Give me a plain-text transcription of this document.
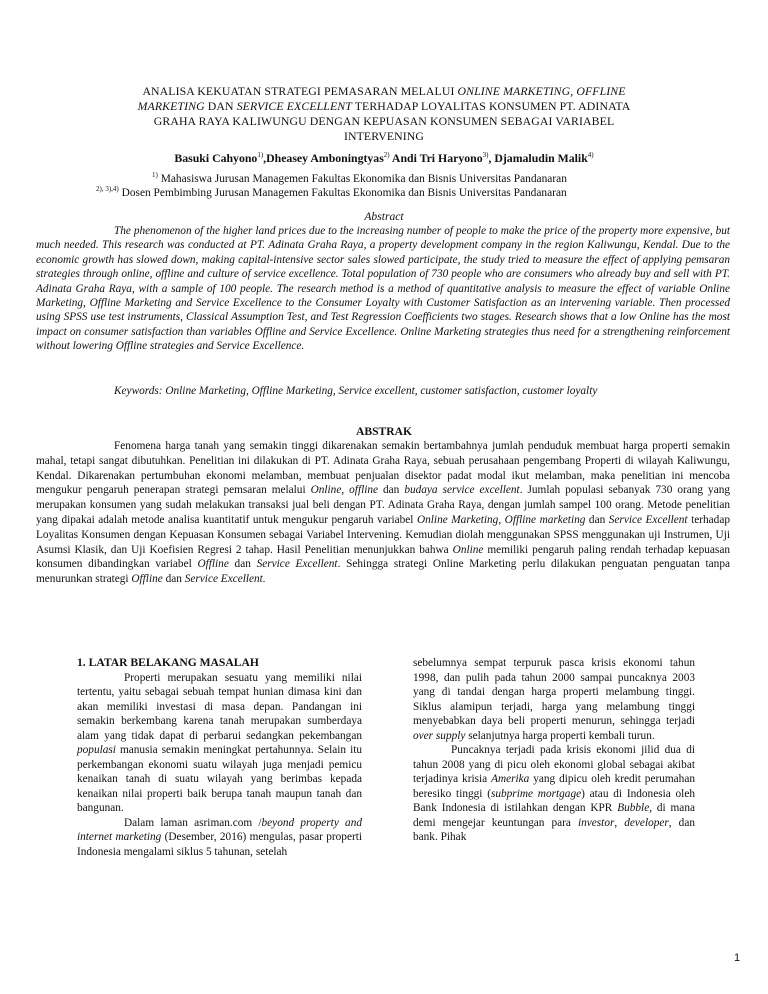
ANALISA KEKUATAN STRATEGI PEMASARAN MELALUI ONLINE MARKETING, OFFLINE
MARKETING DAN SERVICE EXCELLENT TERHADAP LOYALITAS KONSUMEN PT. ADINATA
GRAHA RAYA KALIWUNGU DENGAN KEPUASAN KONSUMEN SEBAGAI VARIABEL
INTERVENING
Basuki Cahyono$^{1)}$,Dheasey Amboningtyas$^{2)}$ Andi Tri Haryono$^{3)}$, Djamaludin Malik$^{4)}$
$^{1)}$ Mahasiswa Jurusan Managemen Fakultas Ekonomika dan Bisnis Universitas Pandanaran
$^{2), 3),4)}$ Dosen Pembimbing Jurusan Managemen Fakultas Ekonomika dan Bisnis Universitas Pandanaran
Abstract

The phenomenon of the higher land prices due to the increasing number of people to make the price of the property more expensive, but much needed. This research was conducted at PT. Adinata Graha Raya, a property development company in the region Kaliwungu, Kendal. Due to the economic growth has slowed down, making capital-intensive sector sales slowed participate, the study tried to measure the effect of applying pemsaran strategies through online, offline and culture of service excellence. Total population of 730 people who are consumers who already buy and sell with PT. Adinata Graha Raya, with a sample of 100 people. The research method is a method of quantitative analysis to measure the effect of variable Online Marketing, Offline Marketing and Service Excellence to the Consumer Loyalty with Customer Satisfaction as an intervening variable. Then processed using SPSS use test instruments, Classical Assumption Test, and Test Regression Coefficients two stages. Research shows that a low Online has the most impact on consumer satisfaction than variables Offline and Service Excellence. Online Marketing strategies thus need for a strengthening reinforcement without lowering Offline strategies and Service Excellence.

Keywords: Online Marketing, Offline Marketing, Service excellent, customer satisfaction, customer loyalty

ABSTRAK

Fenomena harga tanah yang semakin tinggi dikarenakan semakin bertambahnya jumlah penduduk membuat harga properti semakin mahal, tetapi sangat dibutuhkan. Penelitian ini dilakukan di PT. Adinata Graha Raya, sebuah perusahaan pengembang Properti di wilayah Kaliwungu, Kendal. Dikarenakan pertumbuhan ekonomi melamban, membuat penjualan disektor padat modal ikut melamban, maka penelitian ini mencoba mengukur pengaruh penerapan strategi pemsaran melalui Online, offline dan budaya service excellent. Jumlah populasi sebanyak 730 orang yang merupakan konsumen yang sudah melakukan transaksi jual beli dengan PT. Adinata Graha Raya, dengan jumlah sampel 100 orang. Metode penelitian yang dipakai adalah metode analisa kuantitatif untuk mengukur pengaruh variabel Online Marketing, Offline marketing dan Service Excellent terhadap Loyalitas Konsumen dengan Kepuasan Konsumen sebagai Variabel Intervening. Kemudian diolah menggunakan SPSS menggunakan uji Instrumen, Uji Asumsi Klasik, dan Uji Koefisien Regresi 2 tahap. Hasil Penelitian menunjukkan bahwa Online memiliki pengaruh paling rendah terhadap kepuasan konsumen dibandingkan variabel Offline dan Service Excellent. Sehingga strategi Online Marketing perlu dilakukan penguatan penguatan tanpa menurunkan strategi Offline dan Service Excellent.

1. LATAR BELAKANG MASALAH

Properti merupakan sesuatu yang memiliki nilai tertentu, yaitu sebagai sebuah tempat hunian dimasa kini dan akan memiliki investasi di masa depan. Pandangan ini semakin berkembang karena tanah merupakan sumberdaya alam yang tidak dapat di perbarui sedangkan pekembangan populasi manusia semakin meningkat pertahunnya. Selain itu perkembangan ekonomi suatu wilayah juga menjadi pemicu kenaikan tanah di suatu wilayah yang berimbas kepada kenaikan nilai properti baik berupa tanah maupun tanah dan bangunan.

Dalam laman asriman.com /beyond property and internet marketing (Desember, 2016) mengulas, pasar properti Indonesia mengalami siklus 5 tahunan, setelah

sebelumnya sempat terpuruk pasca krisis ekonomi tahun 1998, dan pulih pada tahun 2000 sampai puncaknya 2003 yang di tandai dengan harga properti melambung tinggi. Siklus alamipun terjadi, harga yang melambung tinggi menyebabkan daya beli properti menurun, sehingga terjadi over supply selanjutnya harga properti kembali turun.

Puncaknya terjadi pada krisis ekonomi jilid dua di tahun 2008 yang di picu oleh ekonomi global sebagai akibat terjadinya krisia Amerika yang dipicu oleh kredit perumahan beresiko tinggi (subprime mortgage) atau di Indonesia oleh Bank Indonesia di istilahkan dengan KPR Bubble, di mana demi mengejar keuntungan para investor, developer, dan bank. Pihak

1
